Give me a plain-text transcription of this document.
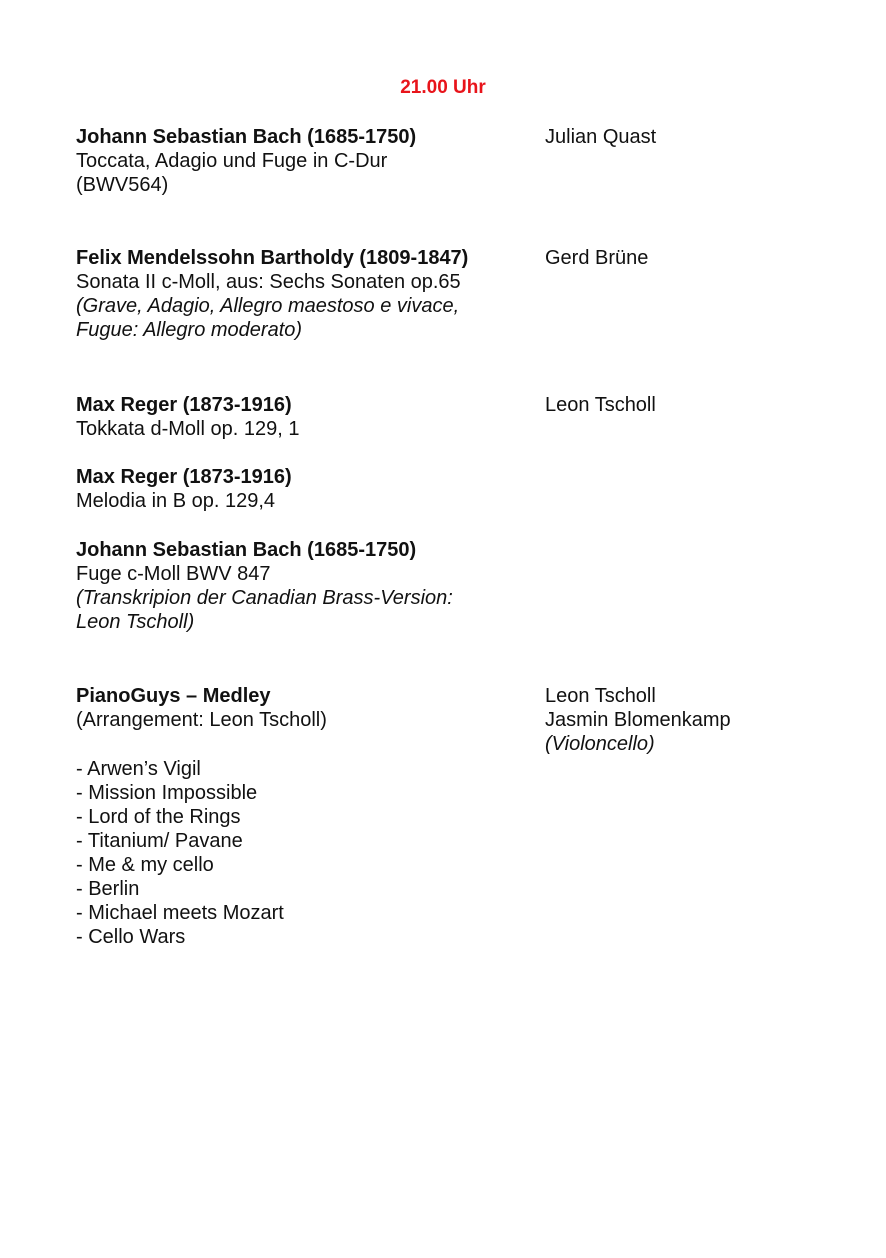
21.00 Uhr
Johann Sebastian Bach (1685-1750)
Toccata, Adagio und Fuge in C-Dur
(BWV564)
Julian Quast
Felix Mendelssohn Bartholdy (1809-1847)
Sonata II c-Moll, aus: Sechs Sonaten op.65
(Grave, Adagio, Allegro maestoso e vivace,
Fugue: Allegro moderato)
Gerd Brüne
Max Reger (1873-1916)
Tokkata d-Moll op. 129, 1
Leon Tscholl
Max Reger (1873-1916)
Melodia in B op. 129,4
Johann Sebastian Bach (1685-1750)
Fuge c-Moll BWV 847
(Transkripion der Canadian Brass-Version:
Leon Tscholl)
PianoGuys – Medley
(Arrangement: Leon Tscholl)
Leon Tscholl
Jasmin Blomenkamp
(Violoncello)
- Arwen’s Vigil
- Mission Impossible
- Lord of the Rings
- Titanium/ Pavane
- Me & my cello
- Berlin
- Michael meets Mozart
- Cello Wars
